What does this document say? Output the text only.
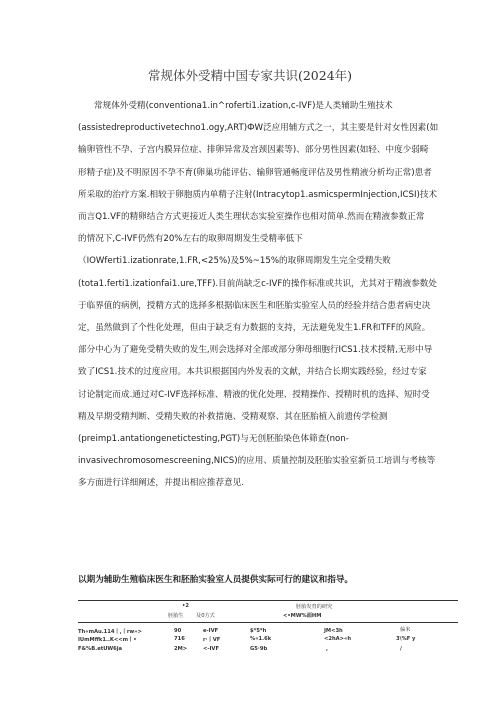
常规体外受精中国专家共识(2024年)

常规体外受精(conventiona1.in^roferti1.ization,c-IVF)是人类辅助生殖技术

(assistedreproductivetechno1.ogy,ART)ФW泛应用辅方式之一，其主要是针对女性因素(如

输卵管性不孕、子宫内膜异位症、排卵异常及宫颈因素等)、部分男性因素(如轻、中度少弱畸

形精子症)及不明原因不孕不育(卵巢功能评估、输卵管通畅度评估及男性精液分析均正常)患者

所采取的治疗方案.相较于卵胞质内单精子注射(Intracytop1.asmicspermInjection,ICSI)技术

而言Q1.VF的精卵结合方式更接近人类生理状态实验室操作也相对简单.然而在精液参数正常

的情况下,C-IVF仍然有20%左右的取卵周期发生受精率低下

（IOWferti1.izationrate,1.FR,<25%)及5%~15%的取卵周期发生完全受精失败

(tota1.ferti1.izationfai1.ure,TFF).目前尚缺乏c-IVF的操作标准或共识，尤其对于精液参数处

于临界值的病例，授精方式的选择多根据临床医生和胚胎实验室人员的经验并结合患者病史决

定，虽然做到了个性化处理，但由于缺乏有力数据的支持，无法避免发生1.FR和TFF的风险。

部分中心为了避免受精失败的发生,则会选择对全部或部分卵母细胞行ICS1.技术授精,无形中导

致了ICS1.技术的过度应用。本共识根据国内外发表的文献，并结合长期实践经验，经过专家

讨论制定而成.通过对C-IVF选择标准、精液的优化处理、授精操作、授精时机的选择、短时受

精及早期受精判断、受精失败的补救措施、受精观察、其在胚胎植入前遗传学检测

(preimp1.antationgenetictesting,PGT)与无创胚胎染色体筛查(non-

invasivechromosomescreening,NICS)的应用、质量控制及胚胎实验室新员工培训与考核等

多方面进行详细阐述，并提出相应推荐意见.

以期为辅助生殖临床医生和胚胎实验室人员提供实际可行的建议和指导。
•2	胚胎发育的研究
胚胎生 及0方式	<•MW%面HM
Th«mAu.114丨,丨rw»>	90	e-IVF	$*5*h	JM<3h	偏米
IUmMffk1..K<<m丨•	716	r·丨VF	%«1.6k	<2hA>«h	3\%F y
F&%B.etUW6ja	2M>	<-IVF	G5·9b	,	/
